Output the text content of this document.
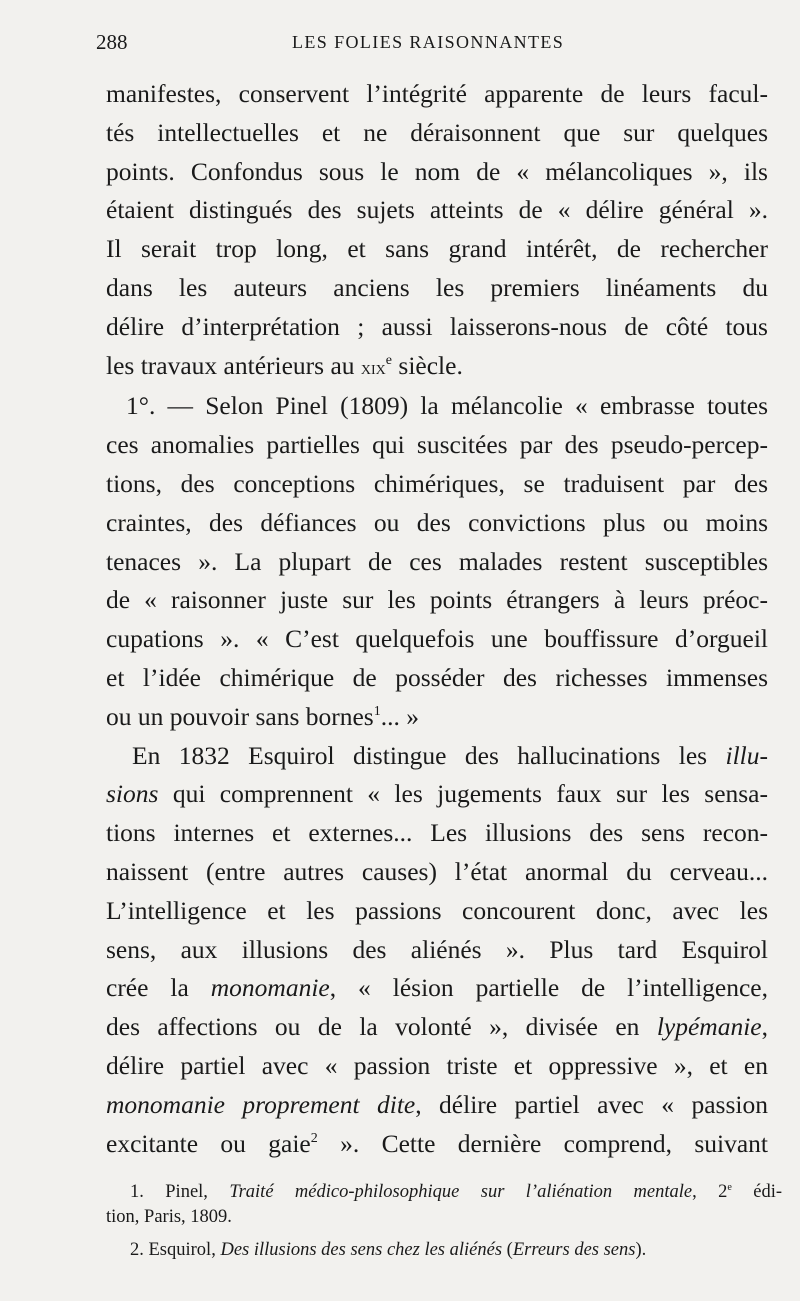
288	LES FOLIES RAISONNANTES
manifestes, conservent l’intégrité apparente de leurs facul-
tés intellectuelles et ne déraisonnent que sur quelques
points. Confondus sous le nom de « mélancoliques », ils
étaient distingués des sujets atteints de « délire général ».
Il serait trop long, et sans grand intérêt, de rechercher
dans les auteurs anciens les premiers linéaments du
délire d’interprétation ; aussi laisserons-nous de côté tous
les travaux antérieurs au xix$^e$ siècle.
1°. — Selon Pinel (1809) la mélancolie « embrasse toutes
ces anomalies partielles qui suscitées par des pseudo-percep-
tions, des conceptions chimériques, se traduisent par des
craintes, des défiances ou des convictions plus ou moins
tenaces ». La plupart de ces malades restent susceptibles
de « raisonner juste sur les points étrangers à leurs préoc-
cupations ». « C’est quelquefois une bouffissure d’orgueil
et l’idée chimérique de posséder des richesses immenses
ou un pouvoir sans bornes$^1$... »
En 1832 Esquirol distingue des hallucinations les illu-
sions qui comprennent « les jugements faux sur les sensa-
tions internes et externes... Les illusions des sens recon-
naissent (entre autres causes) l’état anormal du cerveau...
L’intelligence et les passions concourent donc, avec les
sens, aux illusions des aliénés ». Plus tard Esquirol
crée la monomanie, « lésion partielle de l’intelligence,
des affections ou de la volonté », divisée en lypémanie,
délire partiel avec « passion triste et oppressive », et en
monomanie proprement dite, délire partiel avec « passion
excitante ou gaie$^2$ ». Cette dernière comprend, suivant
1. Pinel, Traité médico-philosophique sur l’aliénation mentale, 2e édi-
tion, Paris, 1809.
2. Esquirol, Des illusions des sens chez les aliénés (Erreurs des sens).
